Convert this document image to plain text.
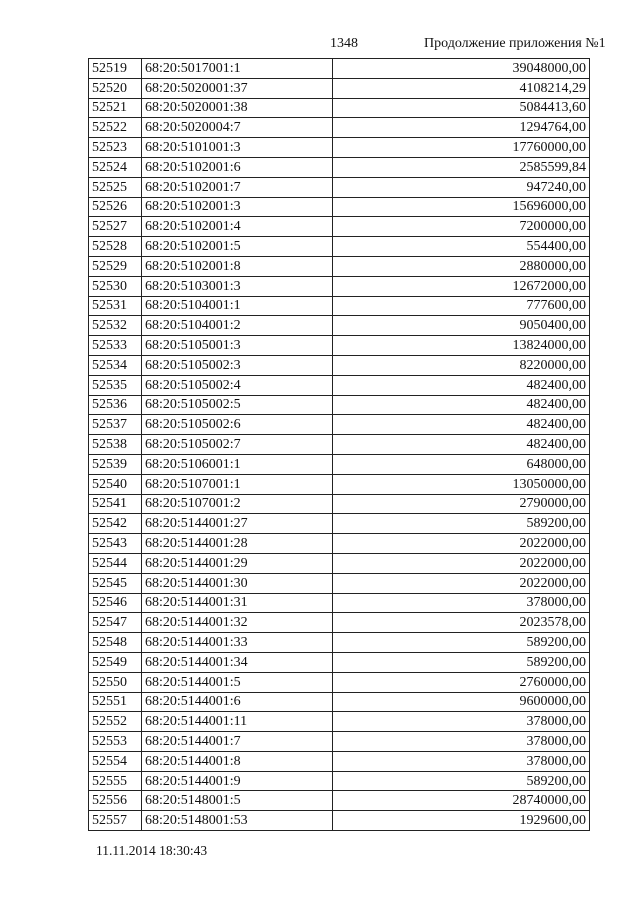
1348	Продолжение приложения №1
52519	68:20:5017001:1	39048000,00
52520	68:20:5020001:37	4108214,29
52521	68:20:5020001:38	5084413,60
52522	68:20:5020004:7	1294764,00
52523	68:20:5101001:3	17760000,00
52524	68:20:5102001:6	2585599,84
52525	68:20:5102001:7	947240,00
52526	68:20:5102001:3	15696000,00
52527	68:20:5102001:4	7200000,00
52528	68:20:5102001:5	554400,00
52529	68:20:5102001:8	2880000,00
52530	68:20:5103001:3	12672000,00
52531	68:20:5104001:1	777600,00
52532	68:20:5104001:2	9050400,00
52533	68:20:5105001:3	13824000,00
52534	68:20:5105002:3	8220000,00
52535	68:20:5105002:4	482400,00
52536	68:20:5105002:5	482400,00
52537	68:20:5105002:6	482400,00
52538	68:20:5105002:7	482400,00
52539	68:20:5106001:1	648000,00
52540	68:20:5107001:1	13050000,00
52541	68:20:5107001:2	2790000,00
52542	68:20:5144001:27	589200,00
52543	68:20:5144001:28	2022000,00
52544	68:20:5144001:29	2022000,00
52545	68:20:5144001:30	2022000,00
52546	68:20:5144001:31	378000,00
52547	68:20:5144001:32	2023578,00
52548	68:20:5144001:33	589200,00
52549	68:20:5144001:34	589200,00
52550	68:20:5144001:5	2760000,00
52551	68:20:5144001:6	9600000,00
52552	68:20:5144001:11	378000,00
52553	68:20:5144001:7	378000,00
52554	68:20:5144001:8	378000,00
52555	68:20:5144001:9	589200,00
52556	68:20:5148001:5	28740000,00
52557	68:20:5148001:53	1929600,00
11.11.2014 18:30:43
